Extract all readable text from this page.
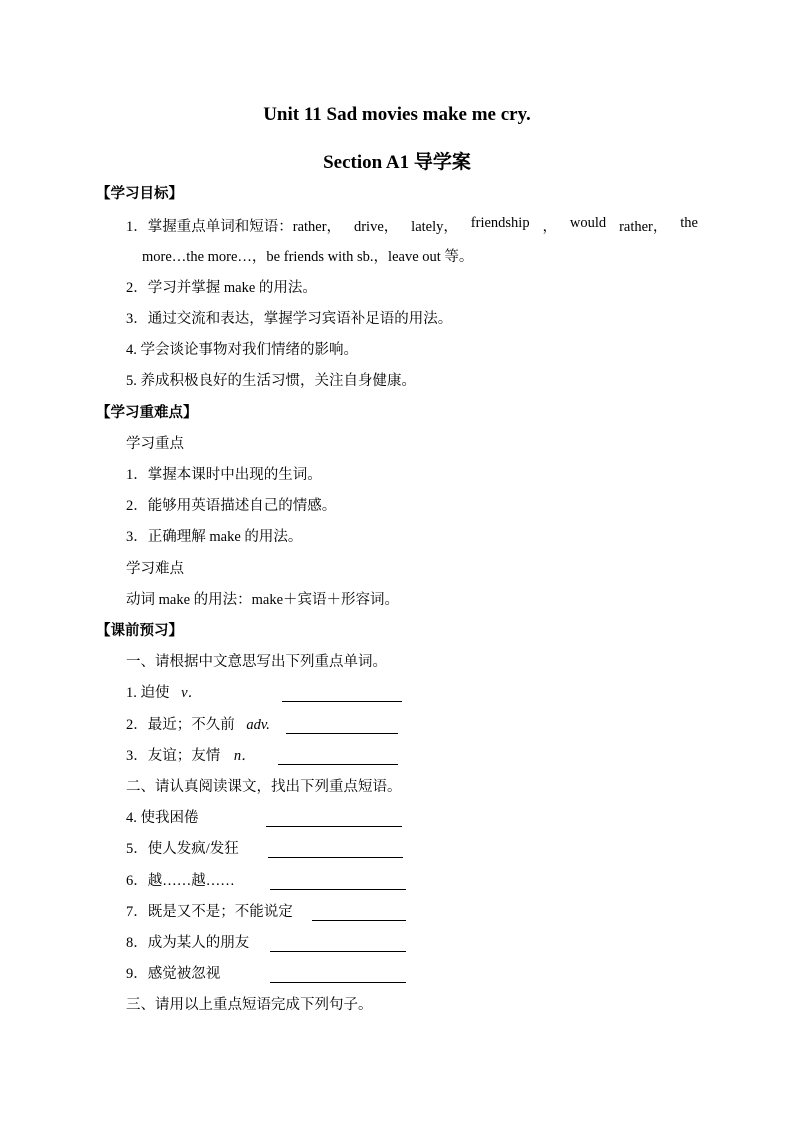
Unit 11 Sad movies make me cry.
Section A1 导学案
【学习目标】
1．掌握重点单词和短语：rather， drive， lately， friendship ， would rather， the
more…the more…，be friends with sb.，leave out 等。
2．学习并掌握 make 的用法。
3．通过交流和表达，掌握学习宾语补足语的用法。
4. 学会谈论事物对我们情绪的影响。
5. 养成积极良好的生活习惯，关注自身健康。
【学习重难点】
学习重点
1．掌握本课时中出现的生词。
2．能够用英语描述自己的情感。
3．正确理解 make 的用法。
学习难点
动词 make 的用法：make＋宾语＋形容词。
【课前预习】
一、请根据中文意思写出下列重点单词。
1. 迫使 v．
2．最近；不久前 adv.
3．友谊；友情 n．
二、请认真阅读课文，找出下列重点短语。
4. 使我困倦
5．使人发疯/发狂
6．越……越……
7．既是又不是；不能说定
8．成为某人的朋友
9．感觉被忽视
三、请用以上重点短语完成下列句子。
